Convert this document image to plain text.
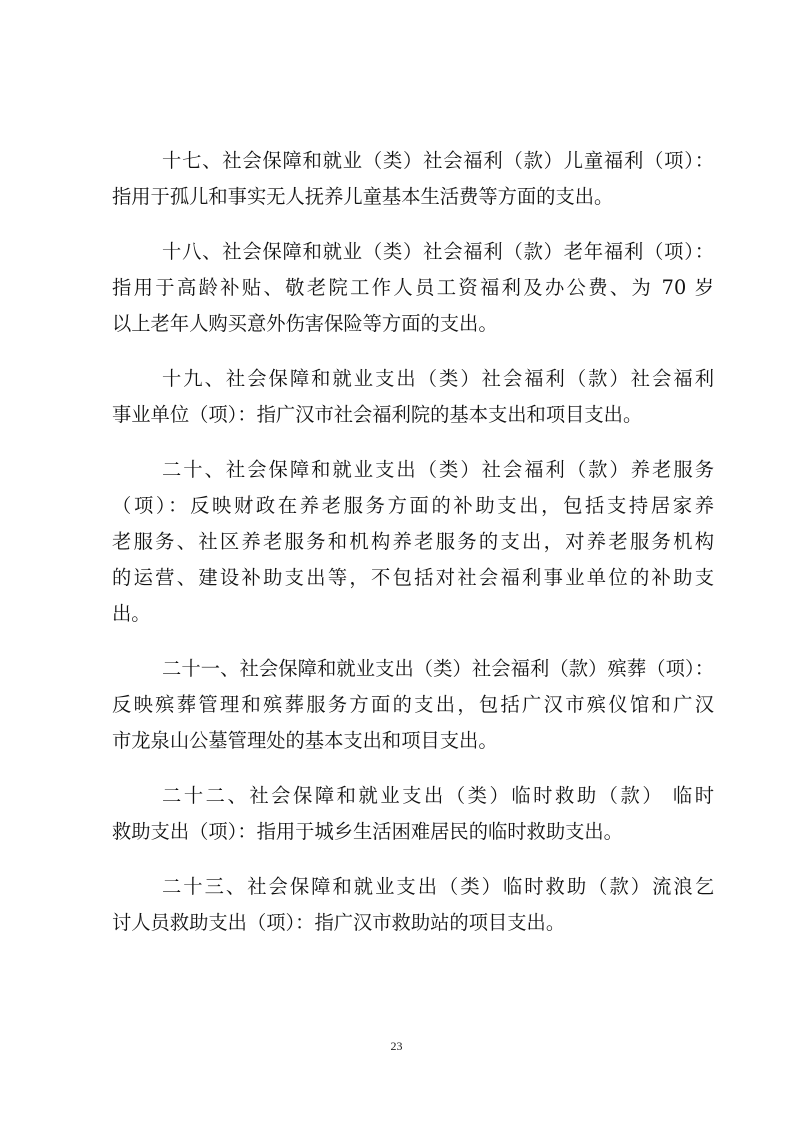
十七、社会保障和就业（类）社会福利（款）儿童福利（项）：
指用于孤儿和事实无人抚养儿童基本生活费等方面的支出。
十八、社会保障和就业（类）社会福利（款）老年福利（项）：
指用于高龄补贴、敬老院工作人员工资福利及办公费、为 70 岁
以上老年人购买意外伤害保险等方面的支出。
十九、社会保障和就业支出（类）社会福利（款）社会福利
事业单位（项）：指广汉市社会福利院的基本支出和项目支出。
二十、社会保障和就业支出（类）社会福利（款）养老服务
（项）：反映财政在养老服务方面的补助支出，包括支持居家养
老服务、社区养老服务和机构养老服务的支出，对养老服务机构
的运营、建设补助支出等，不包括对社会福利事业单位的补助支
出。
二十一、社会保障和就业支出（类）社会福利（款）殡葬（项）：
反映殡葬管理和殡葬服务方面的支出，包括广汉市殡仪馆和广汉
市龙泉山公墓管理处的基本支出和项目支出。
二十二、社会保障和就业支出（类）临时救助（款） 临时
救助支出（项）：指用于城乡生活困难居民的临时救助支出。
二十三、社会保障和就业支出（类）临时救助（款）流浪乞
讨人员救助支出（项）：指广汉市救助站的项目支出。
23
